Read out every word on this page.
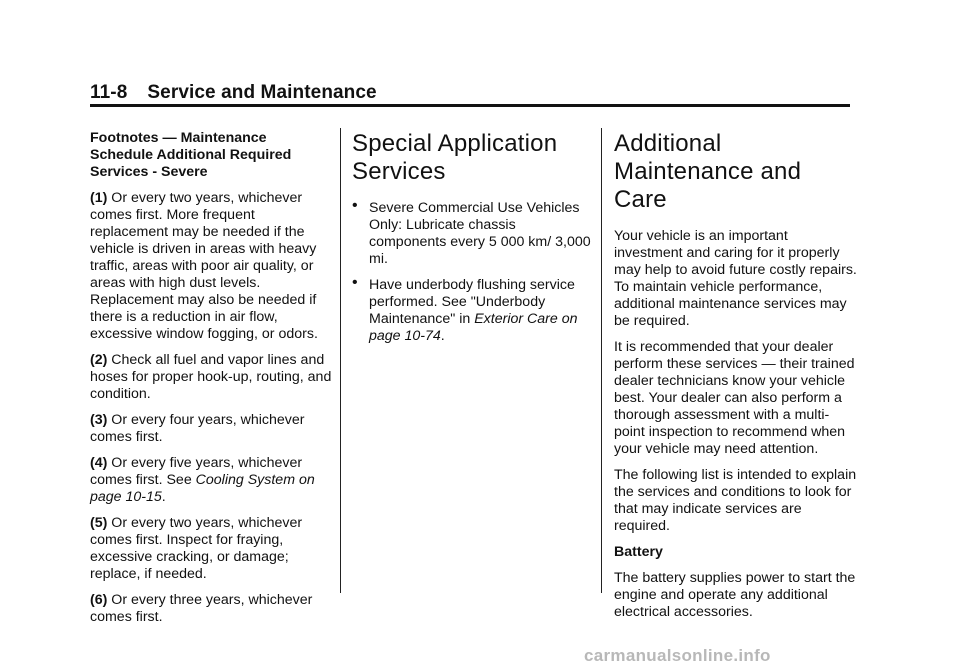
11-8 Service and Maintenance
Footnotes — Maintenance
Schedule Additional Required
Services - Severe

(1) Or every two years, whichever comes first. More frequent replacement may be needed if the vehicle is driven in areas with heavy traffic, areas with poor air quality, or areas with high dust levels. Replacement may also be needed if there is a reduction in air flow, excessive window fogging, or odors.

(2) Check all fuel and vapor lines and hoses for proper hook-up, routing, and condition.

(3) Or every four years, whichever comes first.

(4) Or every five years, whichever comes first. See Cooling System on page 10-15.

(5) Or every two years, whichever comes first. Inspect for fraying, excessive cracking, or damage; replace, if needed.

(6) Or every three years, whichever comes first.

Special Application
Services
• Severe Commercial Use Vehicles Only: Lubricate chassis components every 5 000 km/ 3,000 mi.
• Have underbody flushing service performed. See "Underbody Maintenance" in Exterior Care on page 10-74.
Additional
Maintenance and Care

Your vehicle is an important investment and caring for it properly may help to avoid future costly repairs. To maintain vehicle performance, additional maintenance services may be required.

It is recommended that your dealer perform these services — their trained dealer technicians know your vehicle best. Your dealer can also perform a thorough assessment with a multi-point inspection to recommend when your vehicle may need attention.

The following list is intended to explain the services and conditions to look for that may indicate services are required.

Battery

The battery supplies power to start the engine and operate any additional electrical accessories.

carmanualsonline.info
